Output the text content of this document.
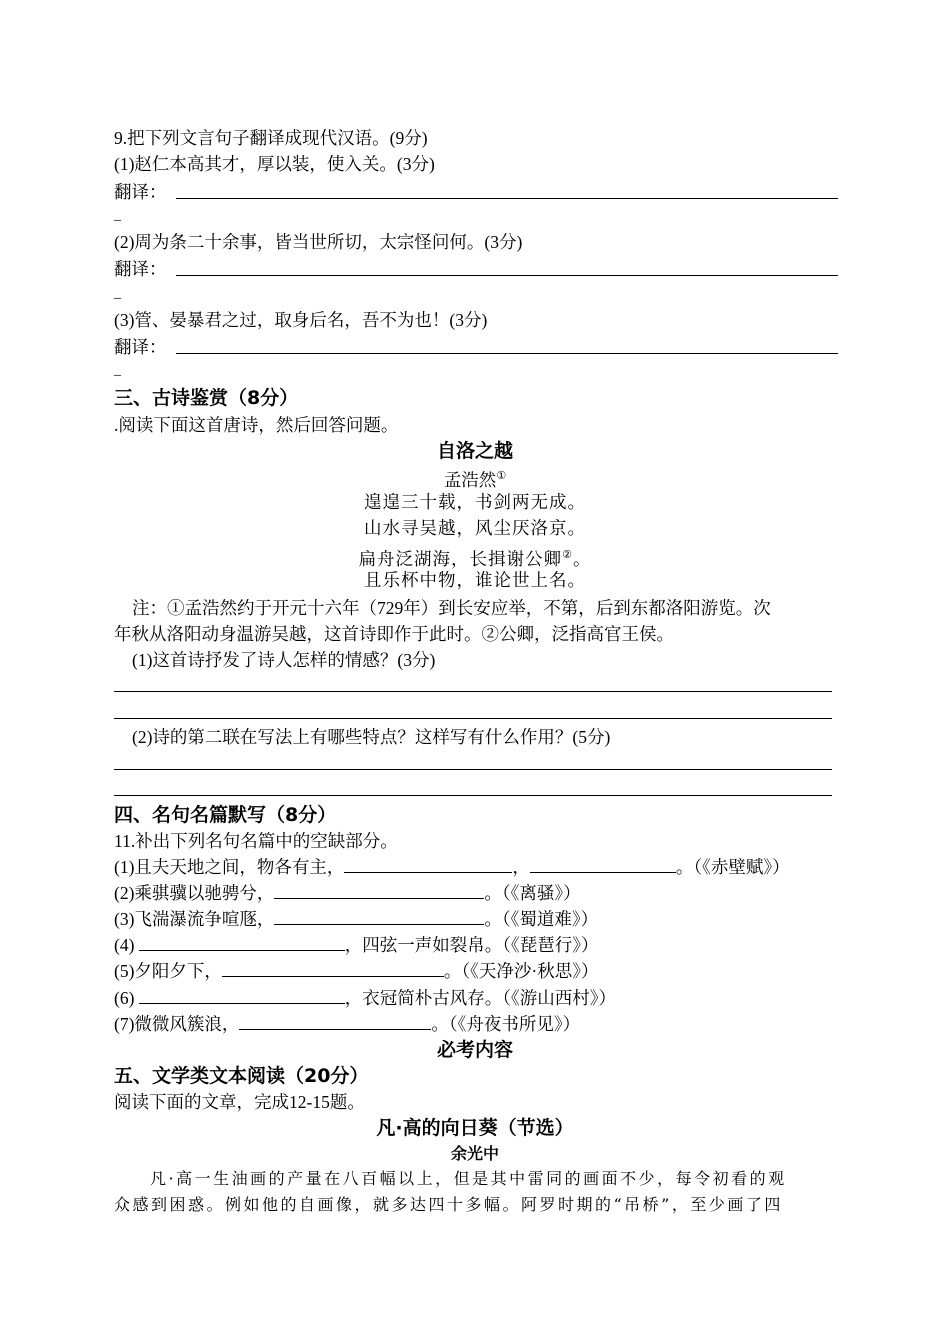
9.把下列文言句子翻译成现代汉语。(9分)
(1)赵仁本高其才，厚以装，使入关。(3分)
翻译：
_
(2)周为条二十余事，皆当世所切，太宗怪问何。(3分)
翻译：
_
(3)管、晏暴君之过，取身后名，吾不为也！(3分)
翻译：
_
三、古诗鉴赏（8分）
.阅读下面这首唐诗，然后回答问题。
自洛之越
孟浩然①
遑遑三十载，书剑两无成。
山水寻吴越，风尘厌洛京。
扁舟泛湖海，长揖谢公卿②。
且乐杯中物，谁论世上名。
注：①孟浩然约于开元十六年（729年）到长安应举，不第，后到东都洛阳游览。次
年秋从洛阳动身温游吴越，这首诗即作于此时。②公卿，泛指高官王侯。
(1)这首诗抒发了诗人怎样的情感？(3分)
(2)诗的第二联在写法上有哪些特点？这样写有什么作用？(5分)
四、名句名篇默写（8分）
11.补出下列名句名篇中的空缺部分。
(1)且夫天地之间，物各有主，	，	。（《赤壁赋》）
(2)乘骐骥以驰骋兮，	。（《离骚》）
(3)飞湍瀑流争喧豗，	。（《蜀道难》）
(4)	，四弦一声如裂帛。（《琵琶行》）
(5)夕阳夕下，	。（《天净沙·秋思》）
(6)	，衣冠简朴古风存。（《游山西村》）
(7)微微风簇浪，	。（《舟夜书所见》）
必考内容
五、文学类文本阅读（20分）
阅读下面的文章，完成12-15题。
凡·高的向日葵（节选）
余光中
凡·高一生油画的产量在八百幅以上，但是其中雷同的画面不少，每令初看的观
众感到困惑。例如他的自画像，就多达四十多幅。阿罗时期的“吊桥”，至少画了四
